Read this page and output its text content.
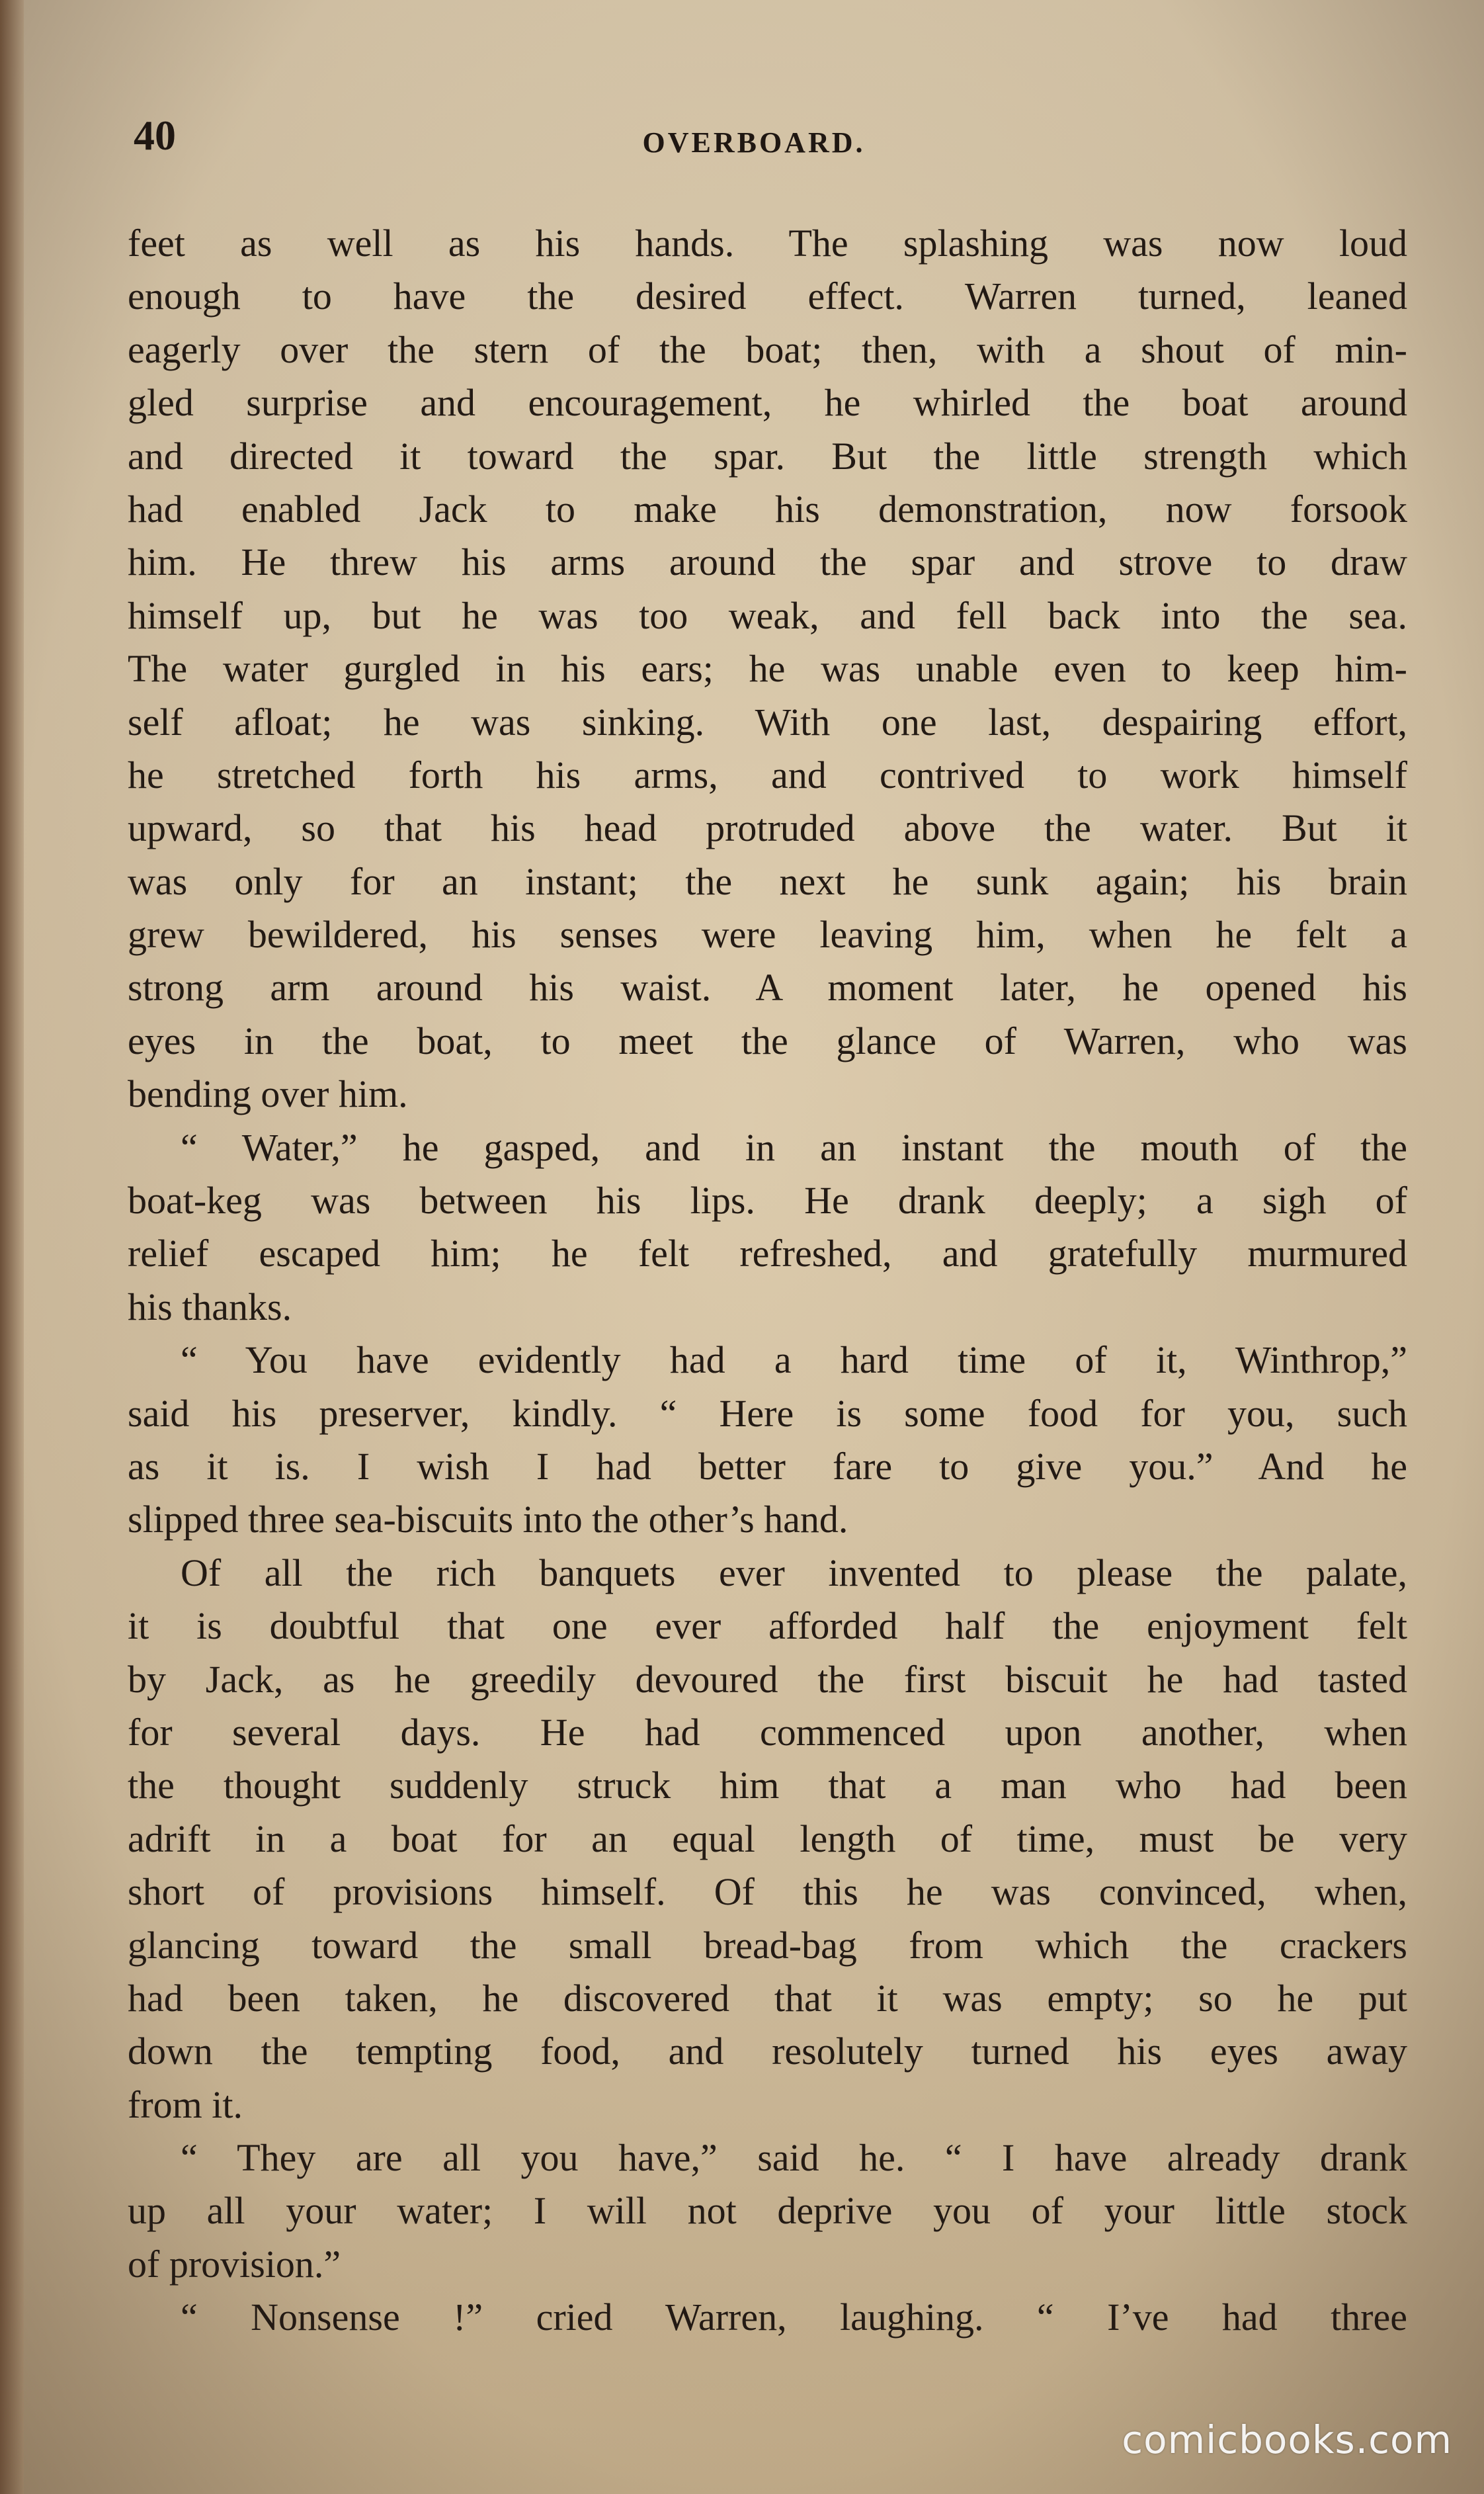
40	OVERBOARD.
feet as well as his hands. The splashing was now loud
enough to have the desired effect. Warren turned, leaned
eagerly over the stern of the boat; then, with a shout of min-
gled surprise and encouragement, he whirled the boat around
and directed it toward the spar. But the little strength which
had enabled Jack to make his demonstration, now forsook
him. He threw his arms around the spar and strove to draw
himself up, but he was too weak, and fell back into the sea.
The water gurgled in his ears; he was unable even to keep him-
self afloat; he was sinking. With one last, despairing effort,
he stretched forth his arms, and contrived to work himself
upward, so that his head protruded above the water. But it
was only for an instant; the next he sunk again; his brain
grew bewildered, his senses were leaving him, when he felt a
strong arm around his waist. A moment later, he opened his
eyes in the boat, to meet the glance of Warren, who was
bending over him.
“ Water,” he gasped, and in an instant the mouth of the
boat-keg was between his lips. He drank deeply; a sigh of
relief escaped him; he felt refreshed, and gratefully murmured
his thanks.
“ You have evidently had a hard time of it, Winthrop,”
said his preserver, kindly. “ Here is some food for you, such
as it is. I wish I had better fare to give you.” And he
slipped three sea-biscuits into the other’s hand.
Of all the rich banquets ever invented to please the palate,
it is doubtful that one ever afforded half the enjoyment felt
by Jack, as he greedily devoured the first biscuit he had tasted
for several days. He had commenced upon another, when
the thought suddenly struck him that a man who had been
adrift in a boat for an equal length of time, must be very
short of provisions himself. Of this he was convinced, when,
glancing toward the small bread-bag from which the crackers
had been taken, he discovered that it was empty; so he put
down the tempting food, and resolutely turned his eyes away
from it.
“ They are all you have,” said he. “ I have already drank
up all your water; I will not deprive you of your little stock
of provision.”
“ Nonsense !” cried Warren, laughing. “ I’ve had three
comicbooks.com
